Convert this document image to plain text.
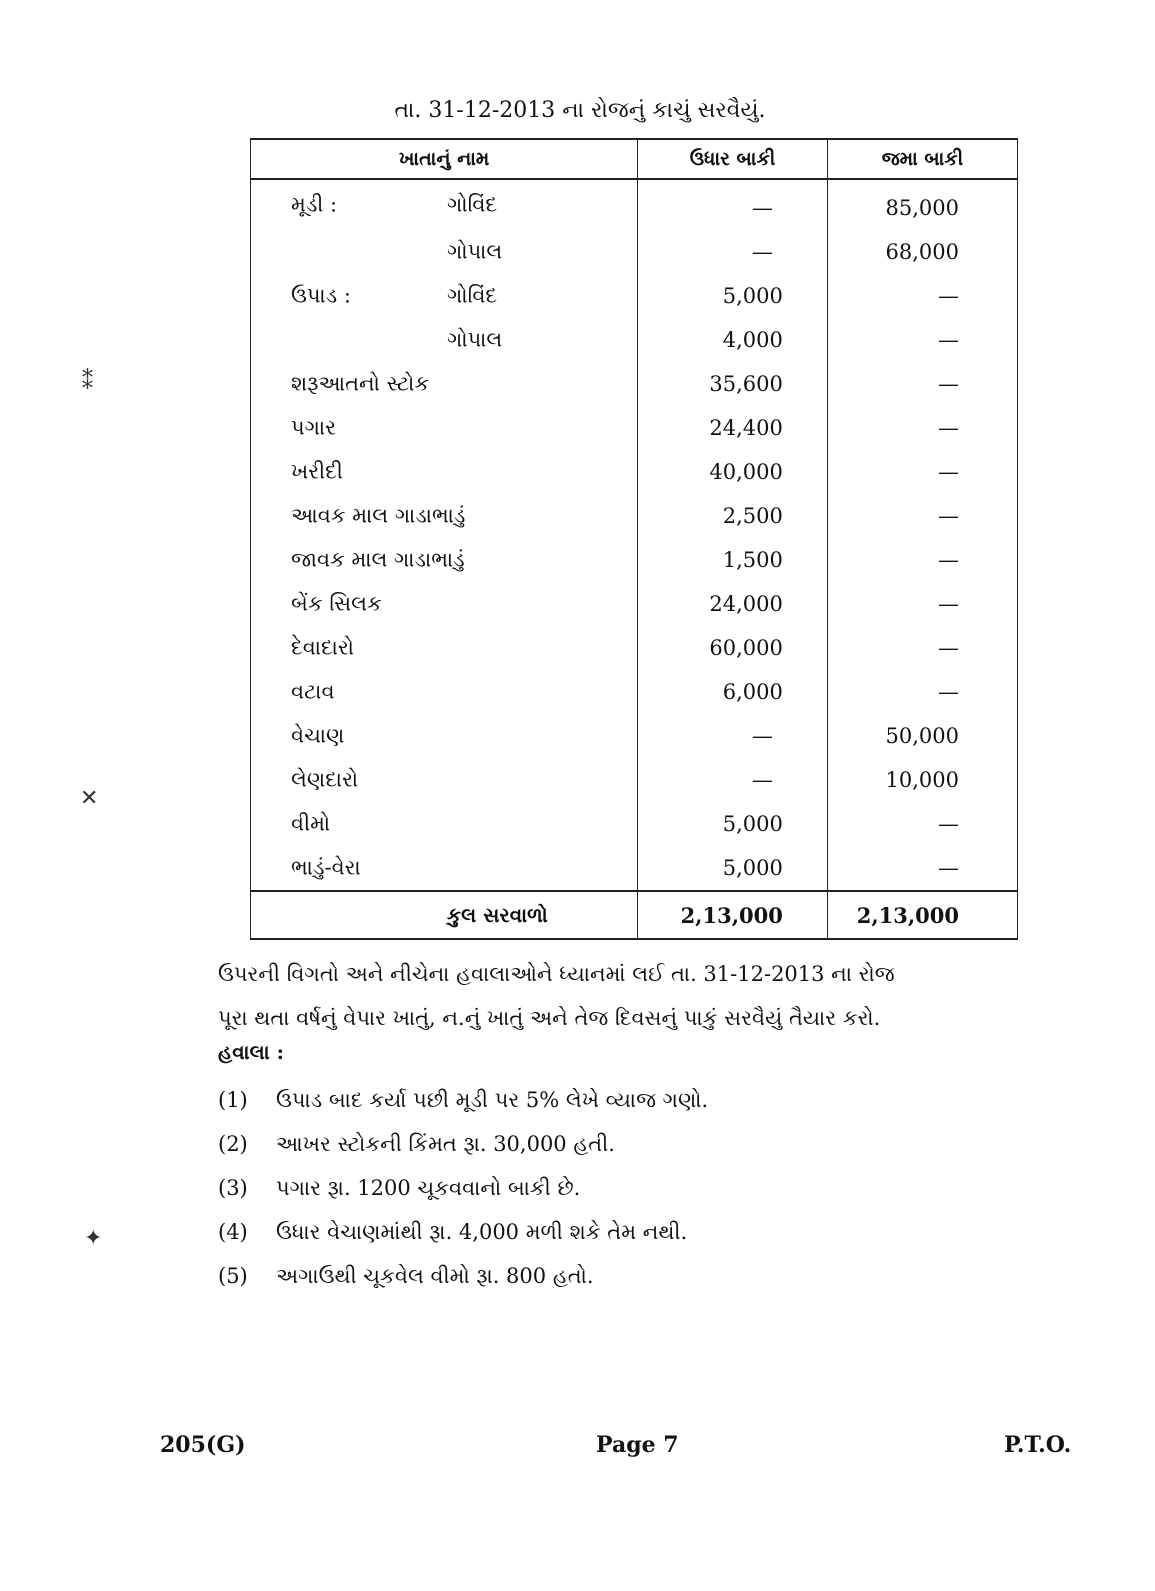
તા. 31-12-2013 ના રોજનું કાચું સરવૈયું.
ખાતાનું નામ	ઉધાર બાકી	જમા બાકી

મૂડી : ગોવિંદ	—	85,000

ગોપાલ	—	68,000

ઉપાડ : ગોવિંદ	5,000	—

ગોપાલ	4,000	—

શરૂઆતનો સ્ટોક	35,600	—

પગાર	24,400	—

ખરીદી	40,000	—

આવક માલ ગાડાભાડું	2,500	—

જાવક માલ ગાડાભાડું	1,500	—

બેંક સિલક	24,000	—

દેવાદારો	60,000	—

વટાવ	6,000	—

વેચાણ	—	50,000

લેણદારો	—	10,000

વીમો	5,000	—

ભાડું-વેરા	5,000	—
કુલ સરવાળો	2,13,000	2,13,000
ઉપરની વિગતો અને નીચેના હવાલાઓને ધ્યાનમાં લઈ તા. 31-12-2013 ના રોજ
પૂરા થતા વર્ષનું વેપાર ખાતું, ન.નું ખાતું અને તેજ દિવસનું પાકું સરવૈયું તૈયાર કરો.
હવાલા :
(1) ઉપાડ બાદ કર્યા પછી મૂડી પર 5% લેખે વ્યાજ ગણો.
(2) આખર સ્ટોકની કિંમત રૂા. 30,000 હતી.
(3) પગાર રૂા. 1200 ચૂકવવાનો બાકી છે.
(4) ઉધાર વેચાણમાંથી રૂા. 4,000 મળી શકે તેમ નથી.
(5) અગાઉથી ચૂકવેલ વીમો રૂા. 800 હતો.
⁑
✕
✦
205(G)	Page 7	P.T.O.
